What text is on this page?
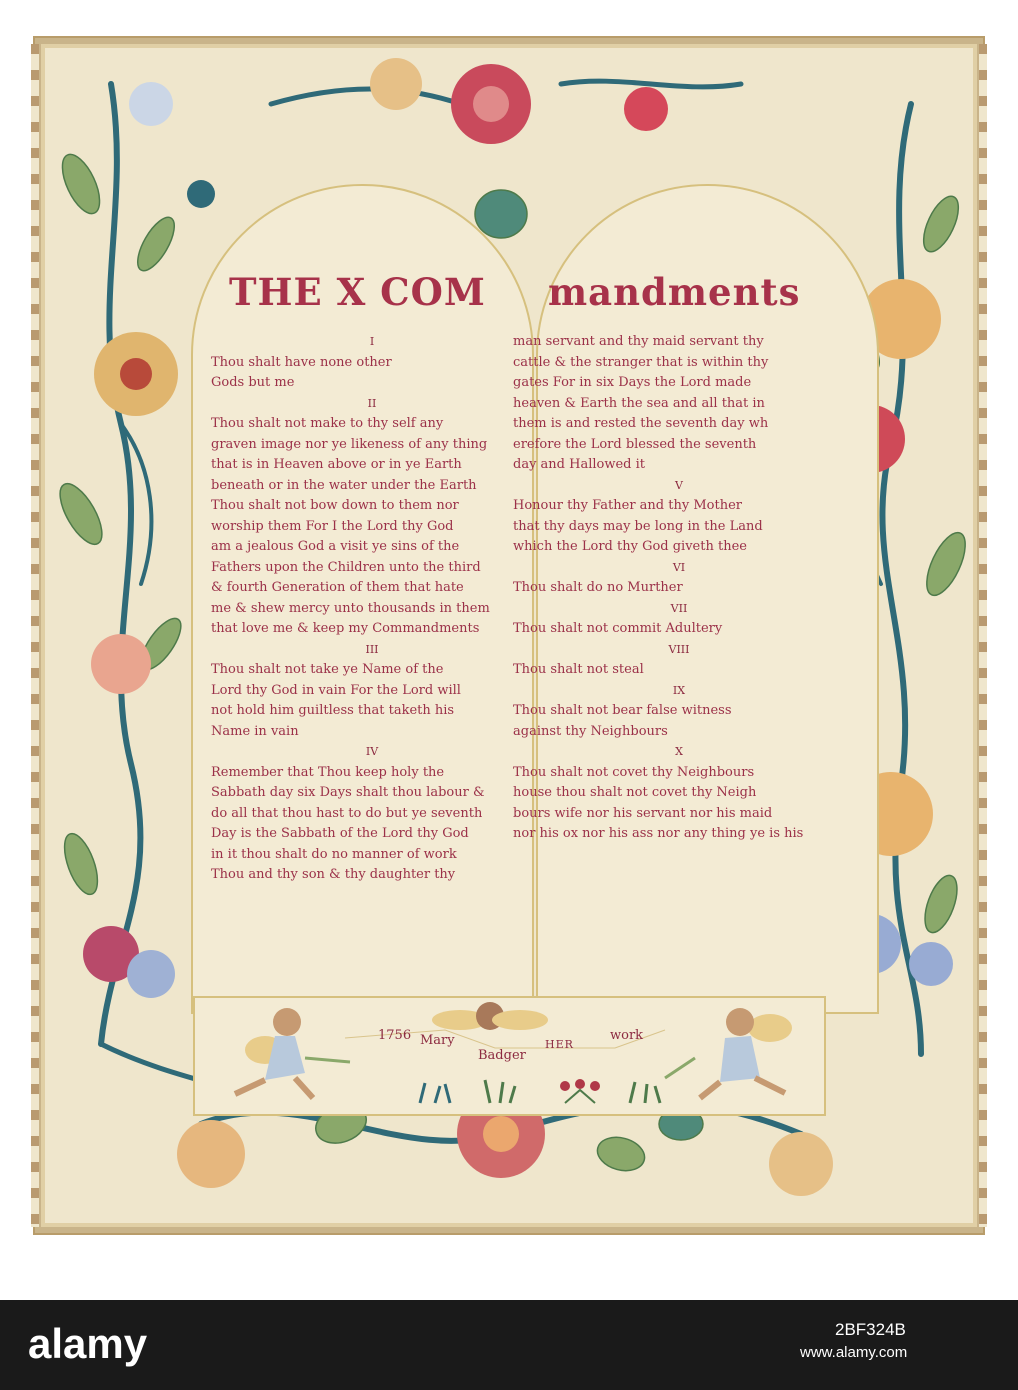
THE X COM mandments
I

Thou shalt have none other

Gods but me

II

Thou shalt not make to thy self any

graven image nor ye likeness of any thing

that is in Heaven above or in ye Earth

beneath or in the water under the Earth

Thou shalt not bow down to them nor

worship them For I the Lord thy God

am a jealous God a visit ye sins of the

Fathers upon the Children unto the third

& fourth Generation of them that hate

me & shew mercy unto thousands in them

that love me & keep my Commandments

III

Thou shalt not take ye Name of the

Lord thy God in vain For the Lord will

not hold him guiltless that taketh his

Name in vain

IV

Remember that Thou keep holy the

Sabbath day six Days shalt thou labour &

do all that thou hast to do but ye seventh

Day is the Sabbath of the Lord thy God

in it thou shalt do no manner of work

Thou and thy son & thy daughter thy

man servant and thy maid servant thy

cattle & the stranger that is within thy

gates For in six Days the Lord made

heaven & Earth the sea and all that in

them is and rested the seventh day wh

erefore the Lord blessed the seventh

day and Hallowed it

V

Honour thy Father and thy Mother

that thy days may be long in the Land

which the Lord thy God giveth thee

VI

Thou shalt do no Murther

VII

Thou shalt not commit Adultery

VIII

Thou shalt not steal

IX

Thou shalt not bear false witness

against thy Neighbours

X

Thou shalt not covet thy Neighbours

house thou shalt not covet thy Neigh

bours wife nor his servant nor his maid

nor his ox nor his ass nor any thing ye is his

1756 Mary
Badger
HER
work
alamy	www.alamy.com
2BF324B
